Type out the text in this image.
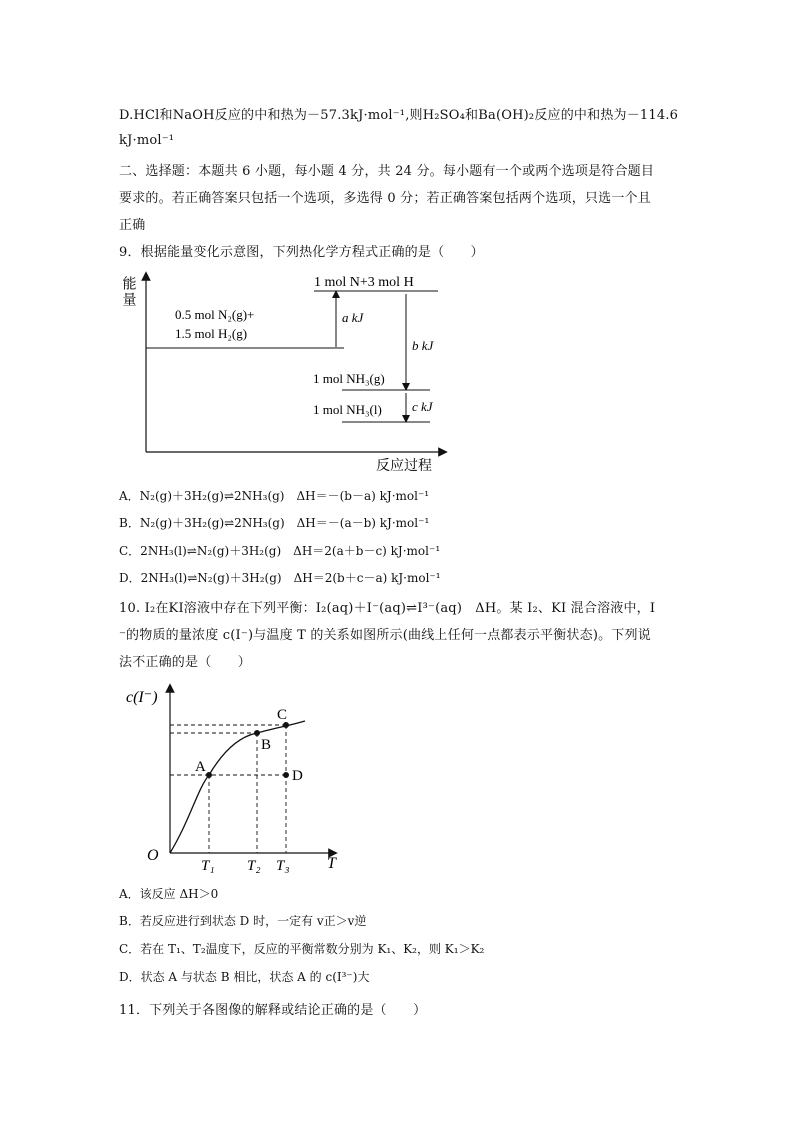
D.HCl和NaOH反应的中和热为－57.3kJ·mol⁻¹,则H₂SO₄和Ba(OH)₂反应的中和热为－114.6
kJ·mol⁻¹
二、选择题：本题共 6 小题，每小题 4 分，共 24 分。每小题有一个或两个选项是符合题目
要求的。若正确答案只包括一个选项，多选得 0 分；若正确答案包括两个选项，只选一个且
正确
9．根据能量变化示意图，下列热化学方程式正确的是（　　）
能量
反应过程
1 mol N+3 mol H
0.5 mol N₂(g)+
1.5 mol H₂(g)
1 mol NH₃(g)
1 mol NH₃(l)
a kJ
b kJ
c kJ
A．N₂(g)＋3H₂(g)⇌2NH₃(g)　ΔH＝－(b－a) kJ·mol⁻¹
B．N₂(g)＋3H₂(g)⇌2NH₃(g)　ΔH＝－(a－b) kJ·mol⁻¹
C．2NH₃(l)⇌N₂(g)＋3H₂(g)　ΔH＝2(a＋b－c) kJ·mol⁻¹
D．2NH₃(l)⇌N₂(g)＋3H₂(g)　ΔH＝2(b＋c－a) kJ·mol⁻¹
10. I₂在KI溶液中存在下列平衡：I₂(aq)＋I⁻(aq)⇌I³⁻(aq)　ΔH。某 I₂、KI 混合溶液中，I
⁻的物质的量浓度 c(I⁻)与温度 T 的关系如图所示(曲线上任何一点都表示平衡状态)。下列说
法不正确的是（　　）
c(I⁻)
T
O
A
B
C
D
T₁ T₂ T₃
A．该反应 ΔH＞0
B．若反应进行到状态 D 时，一定有 v正＞v逆
C．若在 T₁、T₂温度下，反应的平衡常数分别为 K₁、K₂，则 K₁＞K₂
D．状态 A 与状态 B 相比，状态 A 的 c(I³⁻)大
11．下列关于各图像的解释或结论正确的是（　　）
